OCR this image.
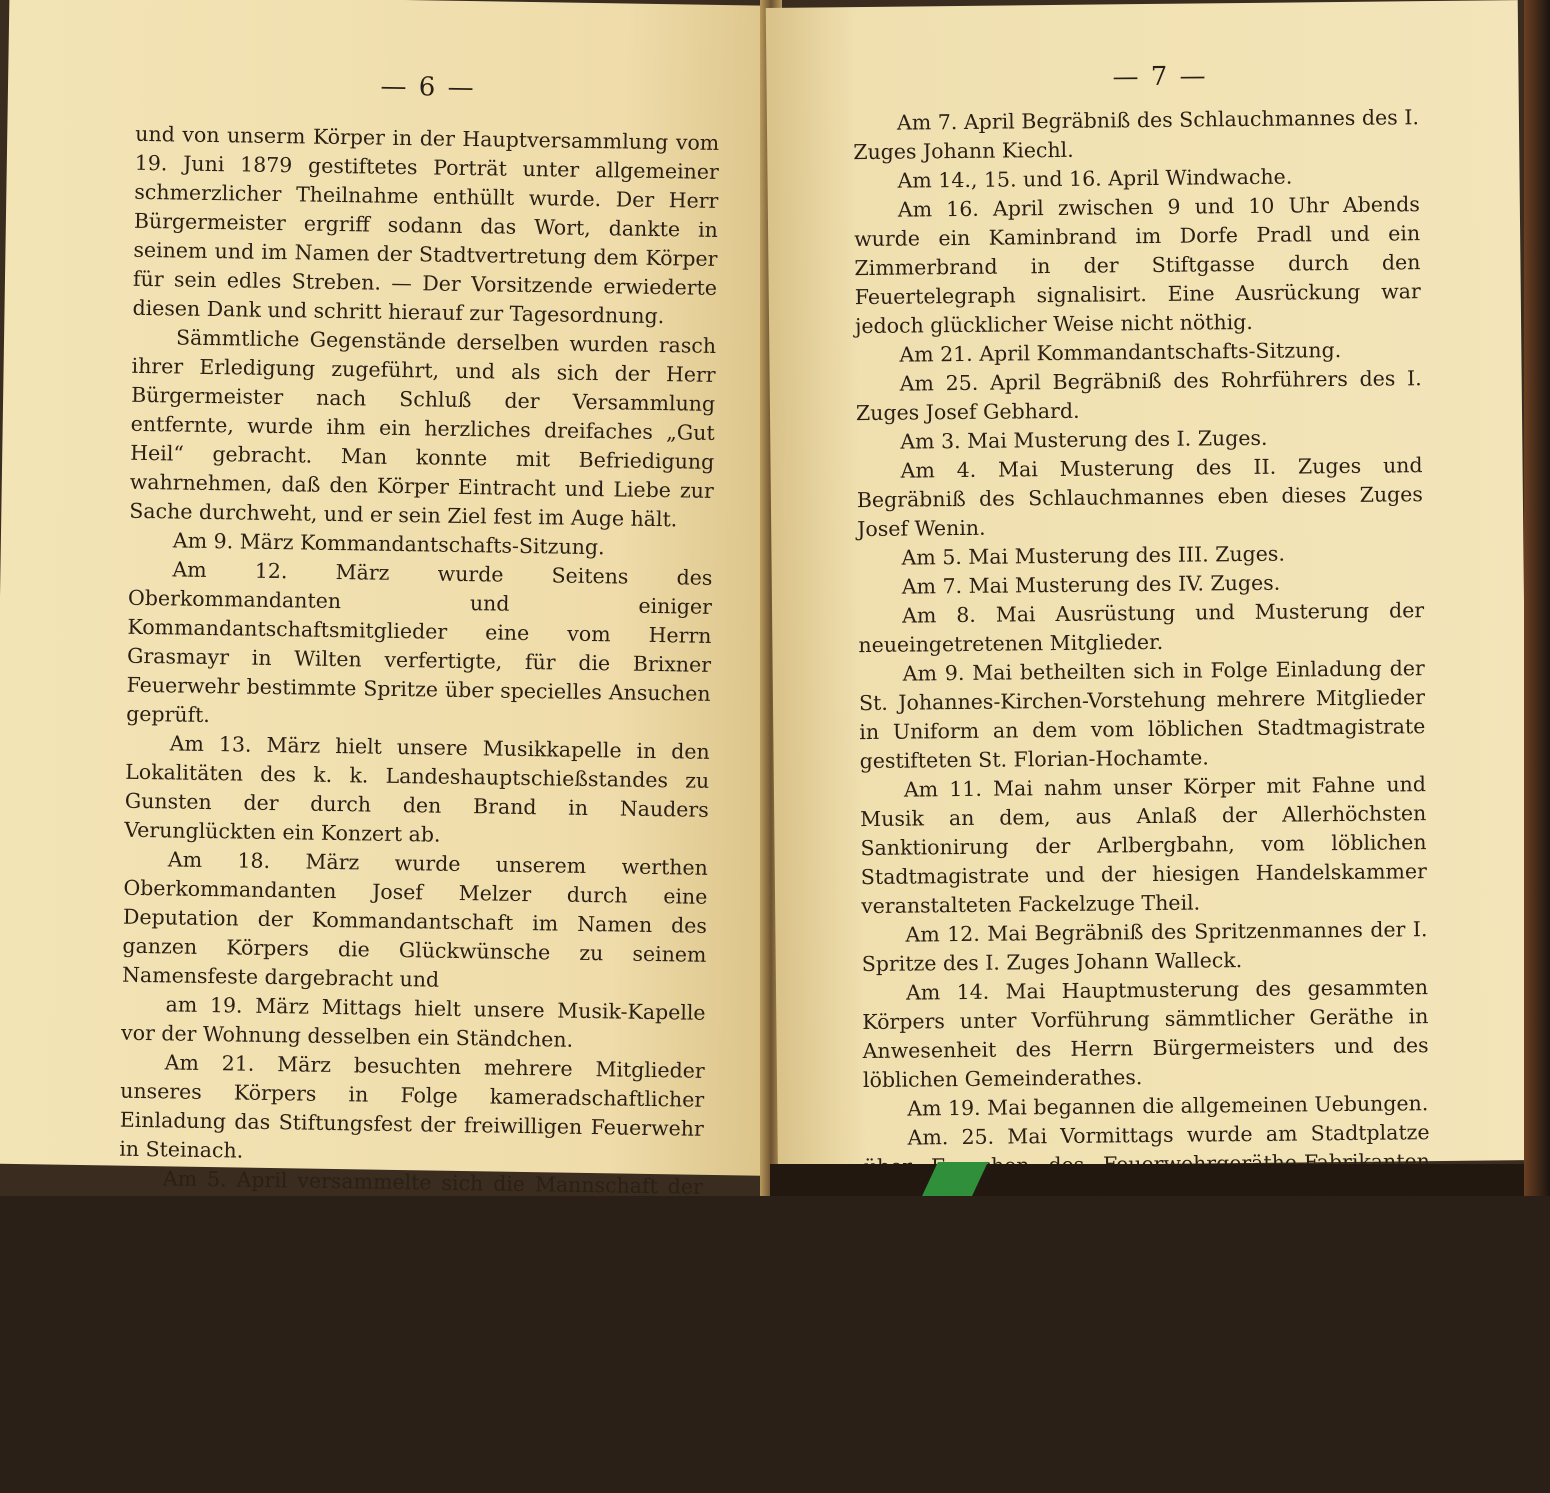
— 6 —

und von unserm Körper in der Hauptversammlung vom 19. Juni 1879 gestiftetes Porträt unter allgemeiner schmerzlicher Theilnahme enthüllt wurde. Der Herr Bürgermeister ergriff sodann das Wort, dankte in seinem und im Namen der Stadtvertretung dem Körper für sein edles Streben. — Der Vorsitzende erwiederte diesen Dank und schritt hierauf zur Tagesordnung.

Sämmtliche Gegenstände derselben wurden rasch ihrer Erledigung zugeführt, und als sich der Herr Bürgermeister nach Schluß der Versammlung entfernte, wurde ihm ein herzliches dreifaches „Gut Heil“ gebracht. Man konnte mit Befriedigung wahrnehmen, daß den Körper Eintracht und Liebe zur Sache durchweht, und er sein Ziel fest im Auge hält.

Am 9. März Kommandantschafts-Sitzung.

Am 12. März wurde Seitens des Oberkommandanten und einiger Kommandantschaftsmitglieder eine vom Herrn Grasmayr in Wilten verfertigte, für die Brixner Feuerwehr bestimmte Spritze über specielles Ansuchen geprüft.

Am 13. März hielt unsere Musikkapelle in den Lokalitäten des k. k. Landeshauptschießstandes zu Gunsten der durch den Brand in Nauders Verunglückten ein Konzert ab.

Am 18. März wurde unserem werthen Oberkommandanten Josef Melzer durch eine Deputation der Kommandantschaft im Namen des ganzen Körpers die Glückwünsche zu seinem Namensfeste dargebracht und

am 19. März Mittags hielt unsere Musik-Kapelle vor der Wohnung desselben ein Ständchen.

Am 21. März besuchten mehrere Mitglieder unseres Körpers in Folge kameradschaftlicher Einladung das Stiftungsfest der freiwilligen Feuerwehr in Steinach.

Am 5. April versammelte sich die Mannschaft der laut Hauptversammlungs-Beschlusses vom 8. März 1880 zu einem selbstständigen Zuge erhobenen Abtheilung Dreiheiligen-Kohlstadt zur Wahl eines Zugs-Kommandanten. Als solcher gieng der bisherige Abtheilungs-Kommandant Anton Nußbaumer mit Acclamation hervor.

Die Wahl als Steiger-Rottenführer fiel auf Kameraden Josef Zemmer und jene als Geräthemeister auf Kameraden Camil Felder, während die anderen bisherigen Chargen neuerdings bestätigt wurden.

— 7 —

Am 7. April Begräbniß des Schlauchmannes des I. Zuges Johann Kiechl.

Am 14., 15. und 16. April Windwache.

Am 16. April zwischen 9 und 10 Uhr Abends wurde ein Kaminbrand im Dorfe Pradl und ein Zimmerbrand in der Stiftgasse durch den Feuertelegraph signalisirt. Eine Ausrückung war jedoch glücklicher Weise nicht nöthig.

Am 21. April Kommandantschafts-Sitzung.

Am 25. April Begräbniß des Rohrführers des I. Zuges Josef Gebhard.

Am 3. Mai Musterung des I. Zuges.

Am 4. Mai Musterung des II. Zuges und Begräbniß des Schlauchmannes eben dieses Zuges Josef Wenin.

Am 5. Mai Musterung des III. Zuges.

Am 7. Mai Musterung des IV. Zuges.

Am 8. Mai Ausrüstung und Musterung der neueingetretenen Mitglieder.

Am 9. Mai betheilten sich in Folge Einladung der St. Johannes-Kirchen-Vorstehung mehrere Mitglieder in Uniform an dem vom löblichen Stadtmagistrate gestifteten St. Florian-Hochamte.

Am 11. Mai nahm unser Körper mit Fahne und Musik an dem, aus Anlaß der Allerhöchsten Sanktionirung der Arlbergbahn, vom löblichen Stadtmagistrate und der hiesigen Handelskammer veranstalteten Fackelzuge Theil.

Am 12. Mai Begräbniß des Spritzenmannes der I. Spritze des I. Zuges Johann Walleck.

Am 14. Mai Hauptmusterung des gesammten Körpers unter Vorführung sämmtlicher Geräthe in Anwesenheit des Herrn Bürgermeisters und des löblichen Gemeinderathes.

Am 19. Mai begannen die allgemeinen Uebungen.

Am. 25. Mai Vormittags wurde am Stadtplatze Feuerwehrgeräthe-Fabrikanten Spritze und eine Schubleiter durch die Kommandantschaft der freiwilligen Feuerwehr Innsbruck geprüft. Das Ergebniß der Spritzenprobe war ein geradezu überraschendes, indem die Maschine bei 120 Mm. Cylinderweite und 20 Cm. Kolbenhub 260—300 Liter
